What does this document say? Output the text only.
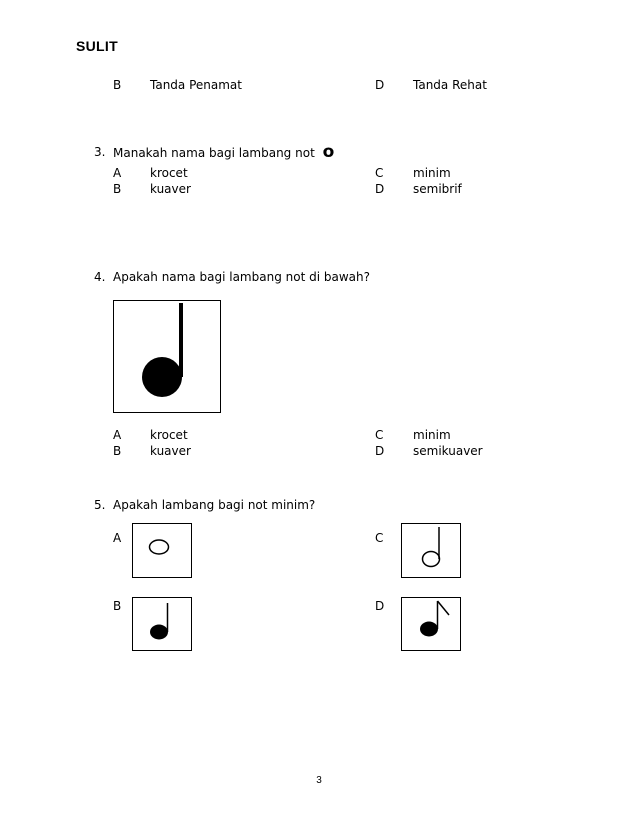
SULIT
B Tanda Penamat	D Tanda Rehat
3. Manakah nama bagi lambang not o
A krocet
B kuaver
C minim
D semibrif
4. Apakah nama bagi lambang not di bawah?
A krocet
B kuaver
C minim
D semikuaver
5. Apakah lambang bagi not minim?
A	C
B	D
3
